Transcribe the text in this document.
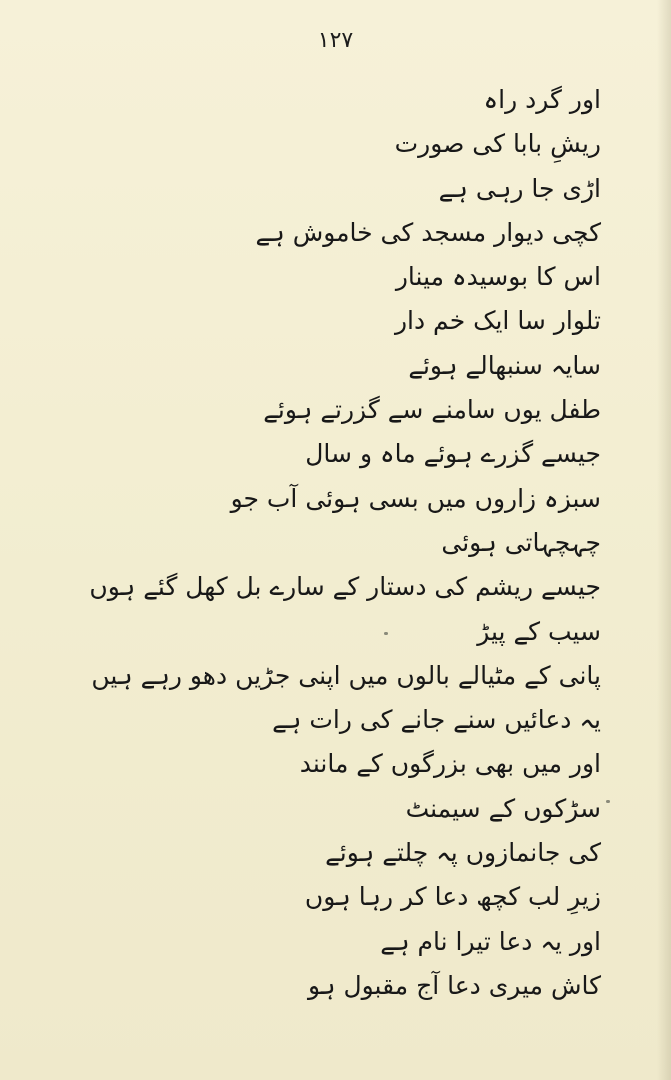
۱۲۷
اور گرد راہ
ریشِ بابا کی صورت
اڑی جا رہی ہے
کچی دیوار مسجد کی خاموش ہے
اس کا بوسیدہ مینار
تلوار سا ایک خم دار
سایہ سنبھالے ہوئے
طفل یوں سامنے سے گزرتے ہوئے
جیسے گزرے ہوئے ماہ و سال
سبزہ زاروں میں بسی ہوئی آب جو
چہچہاتی ہوئی
جیسے ریشم کی دستار کے سارے بل کھل گئے ہوں
سیب کے پیڑ
پانی کے مٹیالے بالوں میں اپنی جڑیں دھو رہے ہیں
یہ دعائیں سنے جانے کی رات ہے
اور میں بھی بزرگوں کے مانند
سڑکوں کے سیمنٹ
کی جانمازوں پہ چلتے ہوئے
زیرِ لب کچھ دعا کر رہا ہوں
اور یہ دعا تیرا نام ہے
کاش میری دعا آج مقبول ہو
